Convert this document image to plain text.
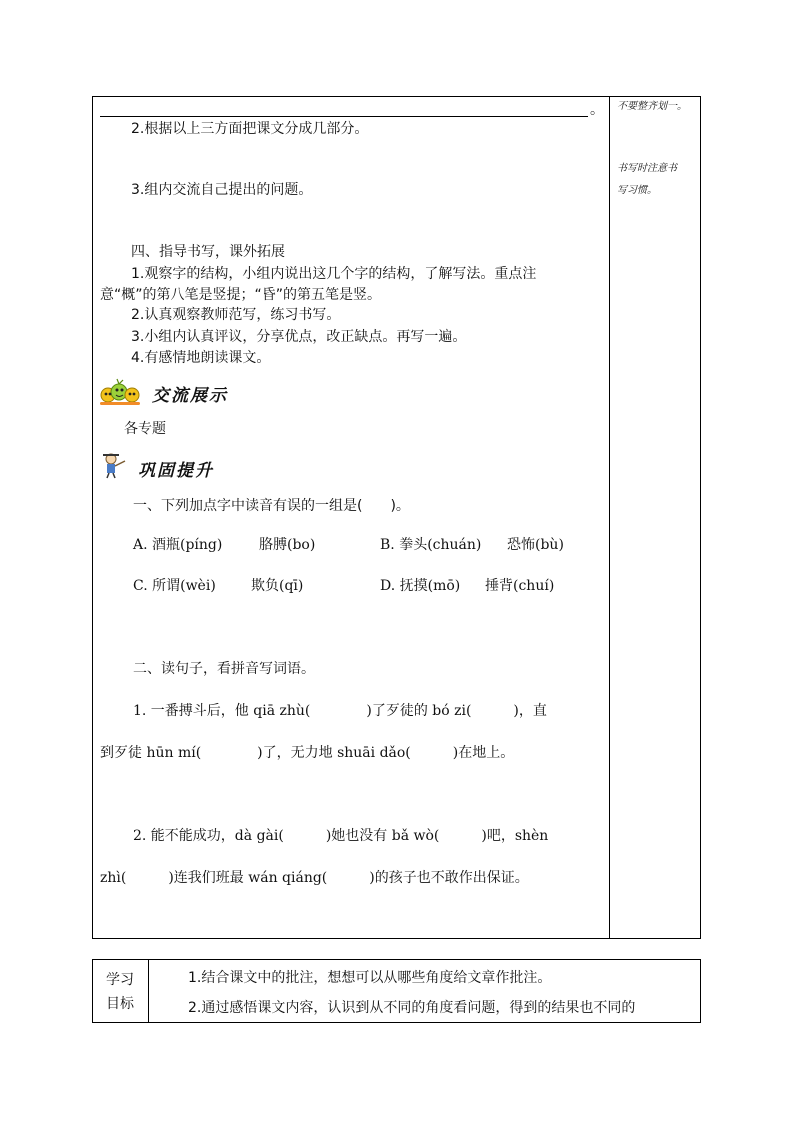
。
2.根据以上三方面把课文分成几部分。
3.组内交流自己提出的问题。
四、指导书写，课外拓展
1.观察字的结构，小组内说出这几个字的结构，了解写法。重点注
意“概”的第八笔是竖提；“昏”的第五笔是竖。
2.认真观察教师范写，练习书写。
3.小组内认真评议，分享优点，改正缺点。再写一遍。
4.有感情地朗读课文。
交流展示
各专题
巩固提升
一、下列加点字中读音有误的一组是(　　)。
A. 酒瓶(píng)	胳膊(bo)	B. 拳头(chuán) 恐怖(bù)
C. 所谓(wèi)	欺负(qī)	D. 抚摸(mō) 捶背(chuí)
二、读句子，看拼音写词语。
1. 一番搏斗后，他 qiā zhù(　　　　)了歹徒的 bó zi(　　　)，直
到歹徒 hūn mí(　　　　)了，无力地 shuāi dǎo(　　　)在地上。
2. 能不能成功，dà gài(　　　)她也没有 bǎ wò(　　　)吧，shèn
zhì(　　　)连我们班最 wán qiáng(　　　)的孩子也不敢作出保证。
不要整齐划一。
书写时注意书
写习惯。
学习
目标
1.结合课文中的批注，想想可以从哪些角度给文章作批注。
2.通过感悟课文内容，认识到从不同的角度看问题，得到的结果也不同的
